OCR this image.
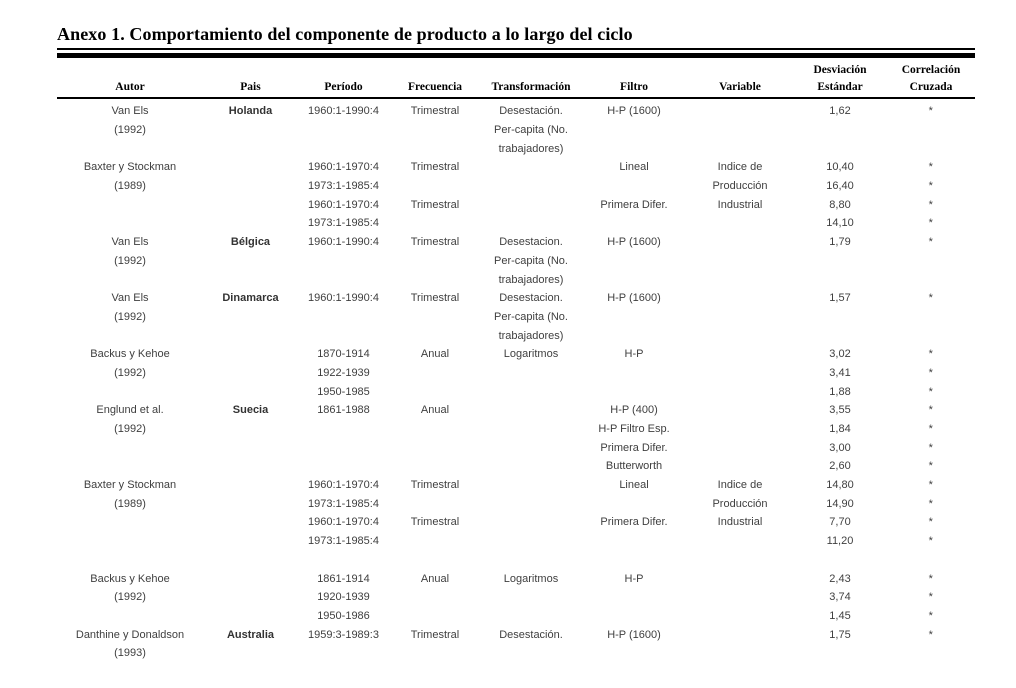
Anexo 1. Comportamiento del componente de producto a lo largo del ciclo
							Desviación	Correlación
Autor	Pais	Período	Frecuencia	Transformación	Filtro	Variable	Estándar	Cruzada
Van Els	Holanda	1960:1-1990:4	Trimestral	Desestación.	H-P (1600)		1,62	*
(1992)				Per-capita (No.				
				trabajadores)				
Baxter y Stockman		1960:1-1970:4	Trimestral		Lineal	Indice de	10,40	*
(1989)		1973:1-1985:4				Producción	16,40	*
		1960:1-1970:4	Trimestral		Primera Difer.	Industrial	8,80	*
		1973:1-1985:4					14,10	*
Van Els	Bélgica	1960:1-1990:4	Trimestral	Desestacion.	H-P (1600)		1,79	*
(1992)				Per-capita (No.				
				trabajadores)				
Van Els	Dinamarca	1960:1-1990:4	Trimestral	Desestacion.	H-P (1600)		1,57	*
(1992)				Per-capita (No.				
				trabajadores)				
Backus y Kehoe		1870-1914	Anual	Logaritmos	H-P		3,02	*
(1992)		1922-1939					3,41	*
		1950-1985					1,88	*
Englund et al.	Suecia	1861-1988	Anual		H-P (400)		3,55	*
(1992)					H-P Filtro Esp.		1,84	*
					Primera Difer.		3,00	*
					Butterworth		2,60	*
Baxter y Stockman		1960:1-1970:4	Trimestral		Lineal	Indice de	14,80	*
(1989)		1973:1-1985:4				Producción	14,90	*
		1960:1-1970:4	Trimestral		Primera Difer.	Industrial	7,70	*
		1973:1-1985:4					11,20	*

Backus y Kehoe		1861-1914	Anual	Logaritmos	H-P		2,43	*
(1992)		1920-1939					3,74	*
		1950-1986					1,45	*
Danthine y Donaldson	Australia	1959:3-1989:3	Trimestral	Desestación.	H-P (1600)		1,75	*
(1993)								
